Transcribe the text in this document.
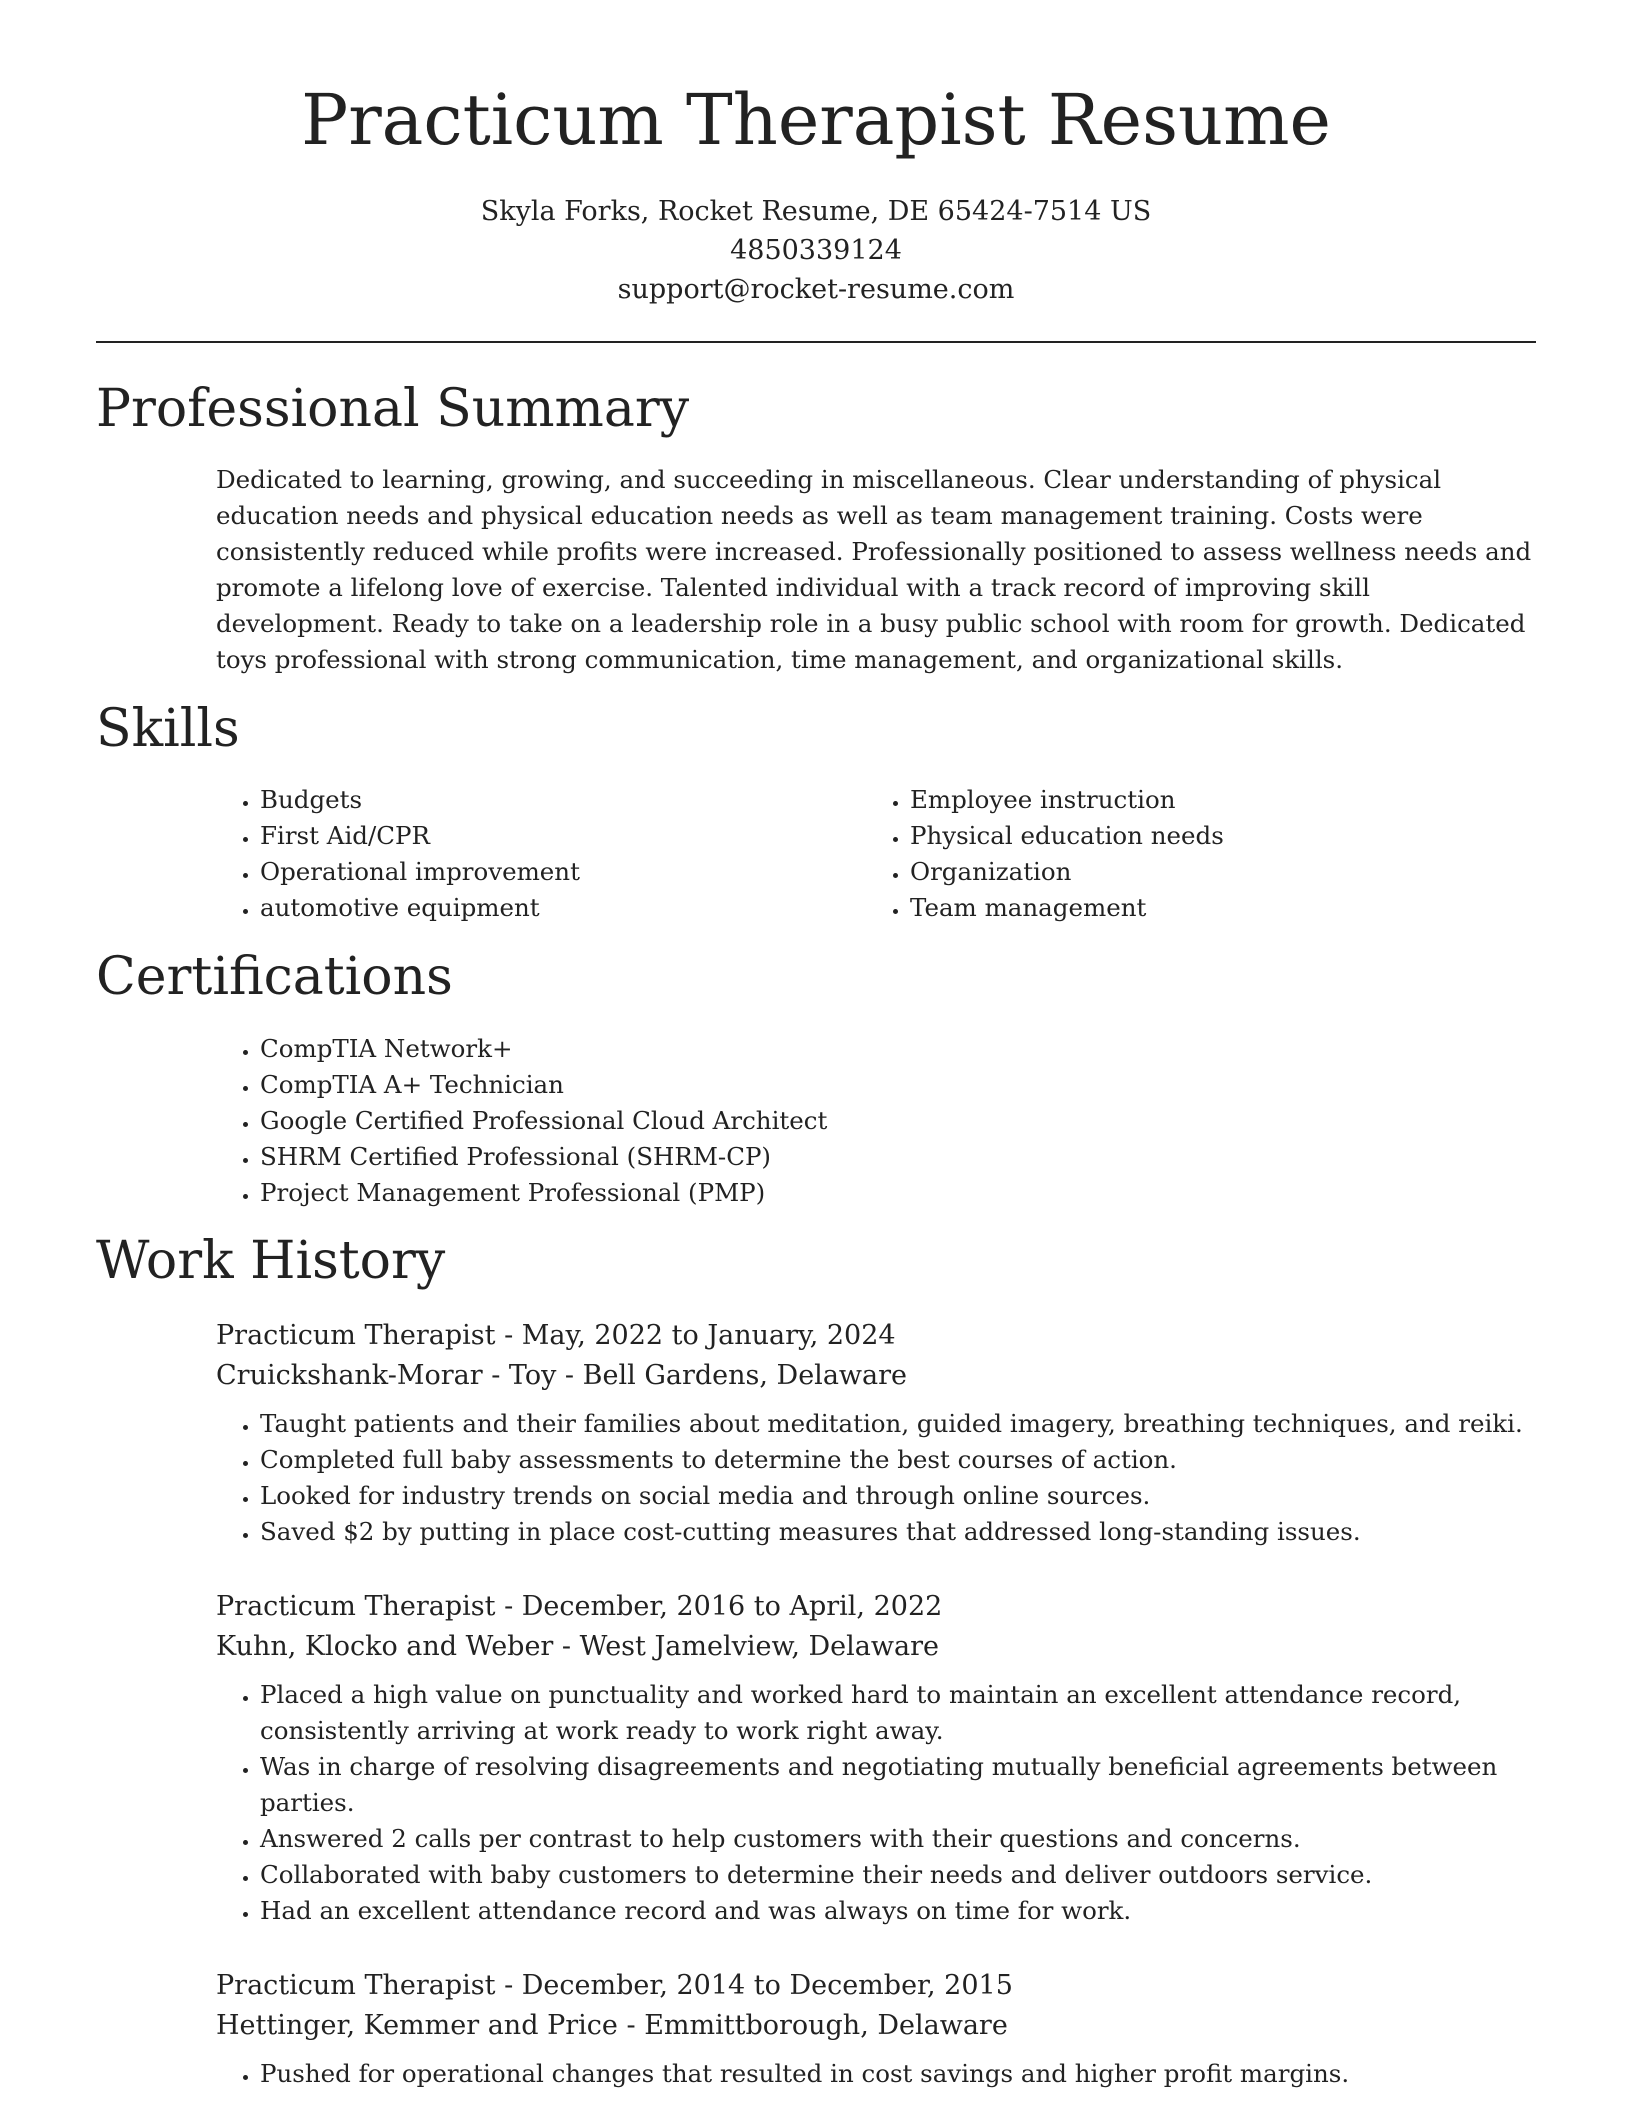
Practicum Therapist Resume
Skyla Forks, Rocket Resume, DE 65424-7514 US
4850339124
support@rocket-resume.com
Professional Summary

Dedicated to learning, growing, and succeeding in miscellaneous. Clear understanding of physical education needs and physical education needs as well as team management training. Costs were consistently reduced while profits were increased. Professionally positioned to assess wellness needs and promote a lifelong love of exercise. Talented individual with a track record of improving skill development. Ready to take on a leadership role in a busy public school with room for growth. Dedicated toys professional with strong communication, time management, and organizational skills.

Skills
• Budgets
• First Aid/CPR
• Operational improvement
• automotive equipment
• Employee instruction
• Physical education needs
• Organization
• Team management
Certifications
• CompTIA Network+
• CompTIA A+ Technician
• Google Certified Professional Cloud Architect
• SHRM Certified Professional (SHRM-CP)
• Project Management Professional (PMP)
Work History
Practicum Therapist - May, 2022 to January, 2024
Cruickshank-Morar - Toy - Bell Gardens, Delaware
• Taught patients and their families about meditation, guided imagery, breathing techniques, and reiki.
• Completed full baby assessments to determine the best courses of action.
• Looked for industry trends on social media and through online sources.
• Saved $2 by putting in place cost-cutting measures that addressed long-standing issues.
Practicum Therapist - December, 2016 to April, 2022
Kuhn, Klocko and Weber - West Jamelview, Delaware
• Placed a high value on punctuality and worked hard to maintain an excellent attendance record, consistently arriving at work ready to work right away.
• Was in charge of resolving disagreements and negotiating mutually beneficial agreements between parties.
• Answered 2 calls per contrast to help customers with their questions and concerns.
• Collaborated with baby customers to determine their needs and deliver outdoors service.
• Had an excellent attendance record and was always on time for work.
Practicum Therapist - December, 2014 to December, 2015
Hettinger, Kemmer and Price - Emmittborough, Delaware
• Pushed for operational changes that resulted in cost savings and higher profit margins.
